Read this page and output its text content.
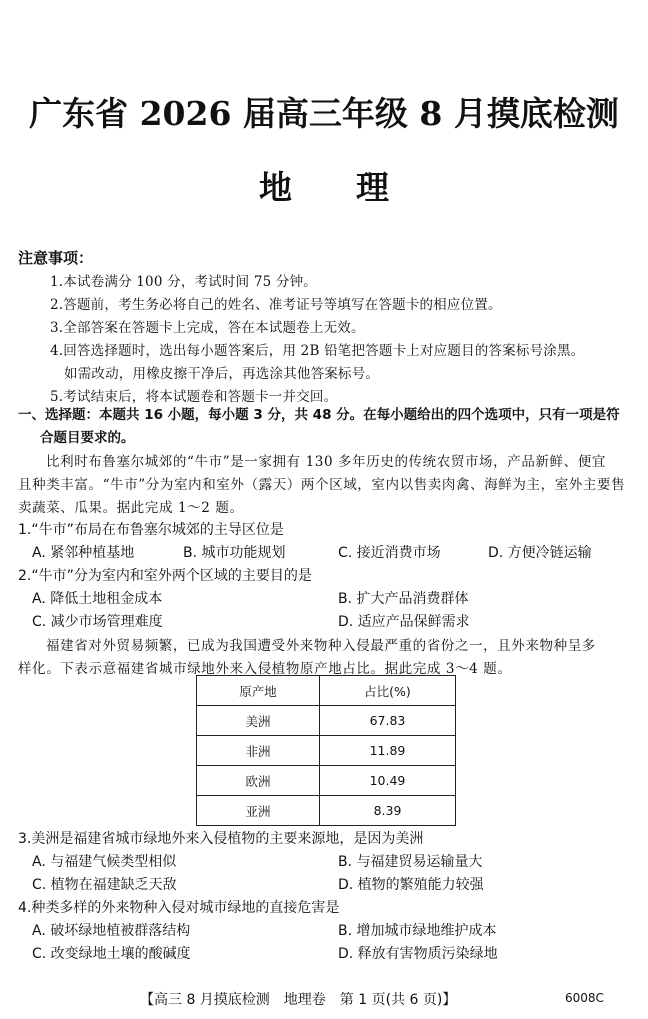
广东省 2026 届高三年级 8 月摸底检测
地 理
注意事项：
1.本试卷满分 100 分，考试时间 75 分钟。
2.答题前，考生务必将自己的姓名、准考证号等填写在答题卡的相应位置。
3.全部答案在答题卡上完成，答在本试题卷上无效。
4.回答选择题时，选出每小题答案后，用 2B 铅笔把答题卡上对应题目的答案标号涂黑。
如需改动，用橡皮擦干净后，再选涂其他答案标号。
5.考试结束后，将本试题卷和答题卡一并交回。
一、选择题：本题共 16 小题，每小题 3 分，共 48 分。在每小题给出的四个选项中，只有一项是符
合题目要求的。
比利时布鲁塞尔城郊的“牛市”是一家拥有 130 多年历史的传统农贸市场，产品新鲜、便宜
且种类丰富。“牛市”分为室内和室外（露天）两个区域，室内以售卖肉禽、海鲜为主，室外主要售
卖蔬菜、瓜果。据此完成 1～2 题。
1.“牛市”布局在布鲁塞尔城郊的主导区位是
A. 紧邻种植基地	B. 城市功能规划	C. 接近消费市场	D. 方便冷链运输
2.“牛市”分为室内和室外两个区域的主要目的是
A. 降低土地租金成本	B. 扩大产品消费群体
C. 减少市场管理难度	D. 适应产品保鲜需求
福建省对外贸易频繁，已成为我国遭受外来物种入侵最严重的省份之一，且外来物种呈多
样化。下表示意福建省城市绿地外来入侵植物原产地占比。据此完成 3～4 题。
原产地	占比(%)
美洲	67.83
非洲	11.89
欧洲	10.49
亚洲	8.39
3.美洲是福建省城市绿地外来入侵植物的主要来源地，是因为美洲
A. 与福建气候类型相似	B. 与福建贸易运输量大
C. 植物在福建缺乏天敌	D. 植物的繁殖能力较强
4.种类多样的外来物种入侵对城市绿地的直接危害是
A. 破坏绿地植被群落结构	B. 增加城市绿地维护成本
C. 改变绿地土壤的酸碱度	D. 释放有害物质污染绿地
【高三 8 月摸底检测　地理卷　第 1 页(共 6 页)】	6008C
